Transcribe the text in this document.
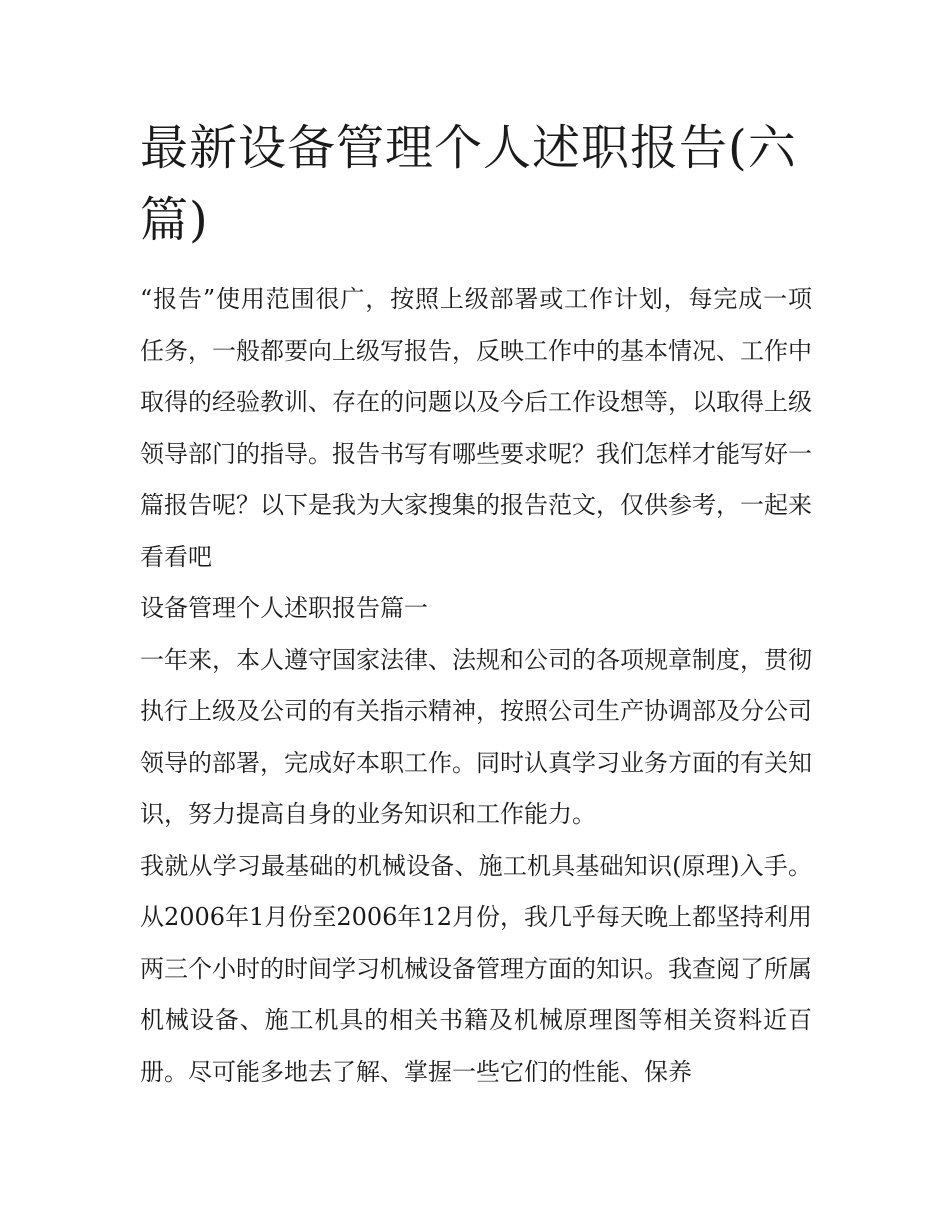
最新设备管理个人述职报告(六篇)

“报告”使用范围很广，按照上级部署或工作计划，每完成一项任务，一般都要向上级写报告，反映工作中的基本情况、工作中取得的经验教训、存在的问题以及今后工作设想等，以取得上级领导部门的指导。报告书写有哪些要求呢？我们怎样才能写好一篇报告呢？以下是我为大家搜集的报告范文，仅供参考，一起来看看吧

设备管理个人述职报告篇一

一年来，本人遵守国家法律、法规和公司的各项规章制度，贯彻执行上级及公司的有关指示精神，按照公司生产协调部及分公司领导的部署，完成好本职工作。同时认真学习业务方面的有关知识，努力提高自身的业务知识和工作能力。

我就从学习最基础的机械设备、施工机具基础知识(原理)入手。从2006年1月份至2006年12月份，我几乎每天晚上都坚持利用两三个小时的时间学习机械设备管理方面的知识。我查阅了所属机械设备、施工机具的相关书籍及机械原理图等相关资料近百册。尽可能多地去了解、掌握一些它们的性能、保养
